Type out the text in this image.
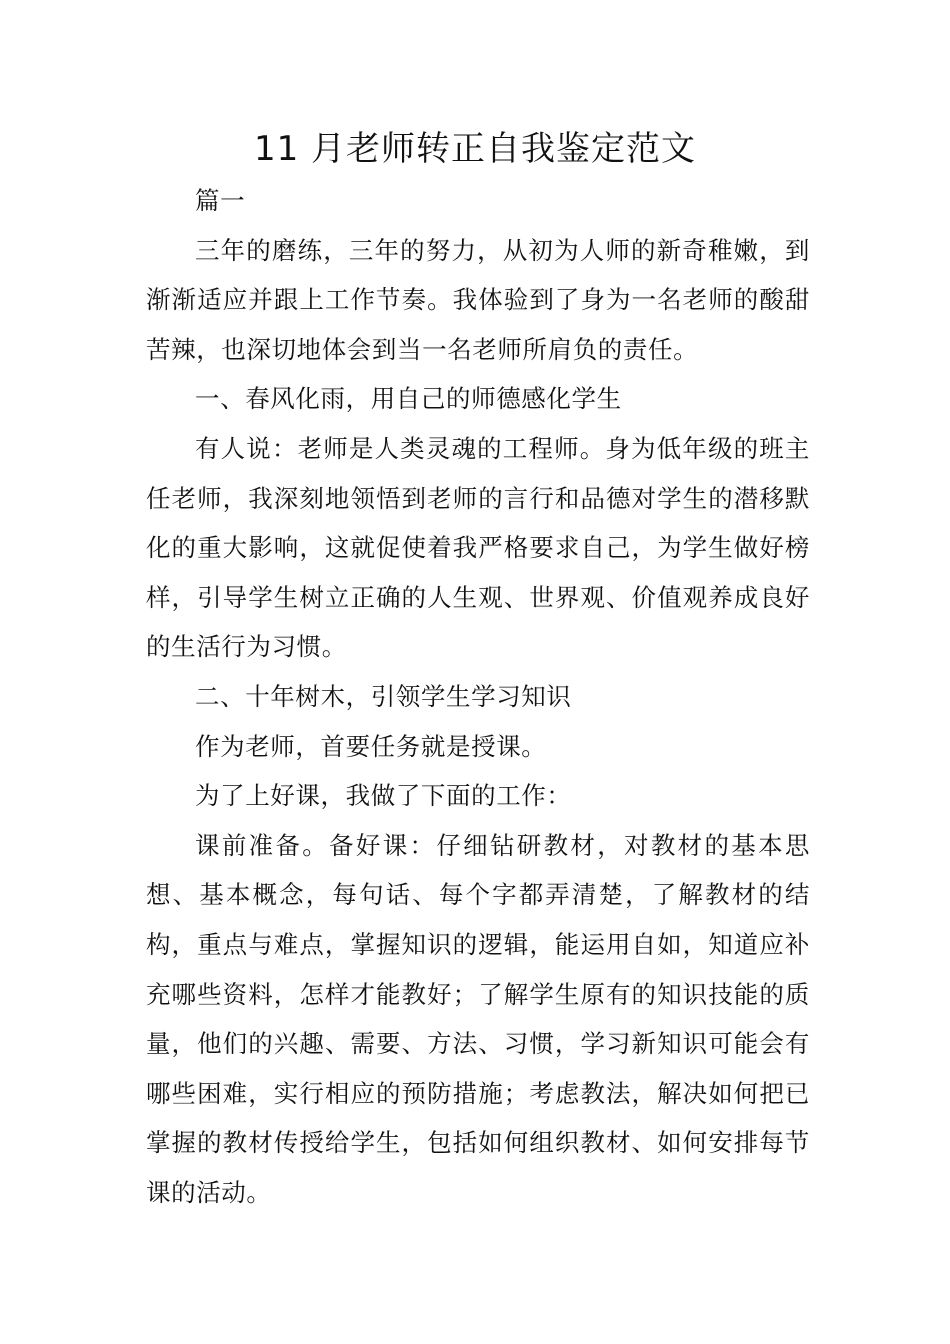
11 月老师转正自我鉴定范文

篇一

三年的磨练，三年的努力，从初为人师的新奇稚嫩，到渐渐适应并跟上工作节奏。我体验到了身为一名老师的酸甜苦辣，也深切地体会到当一名老师所肩负的责任。

一、春风化雨，用自己的师德感化学生

有人说：老师是人类灵魂的工程师。身为低年级的班主任老师，我深刻地领悟到老师的言行和品德对学生的潜移默化的重大影响，这就促使着我严格要求自己，为学生做好榜样，引导学生树立正确的人生观、世界观、价值观养成良好的生活行为习惯。

二、十年树木，引领学生学习知识

作为老师，首要任务就是授课。

为了上好课，我做了下面的工作：

课前准备。备好课：仔细钻研教材，对教材的基本思想、基本概念，每句话、每个字都弄清楚，了解教材的结构，重点与难点，掌握知识的逻辑，能运用自如，知道应补充哪些资料，怎样才能教好；了解学生原有的知识技能的质量，他们的兴趣、需要、方法、习惯，学习新知识可能会有哪些困难，实行相应的预防措施；考虑教法，解决如何把已掌握的教材传授给学生，包括如何组织教材、如何安排每节课的活动。
